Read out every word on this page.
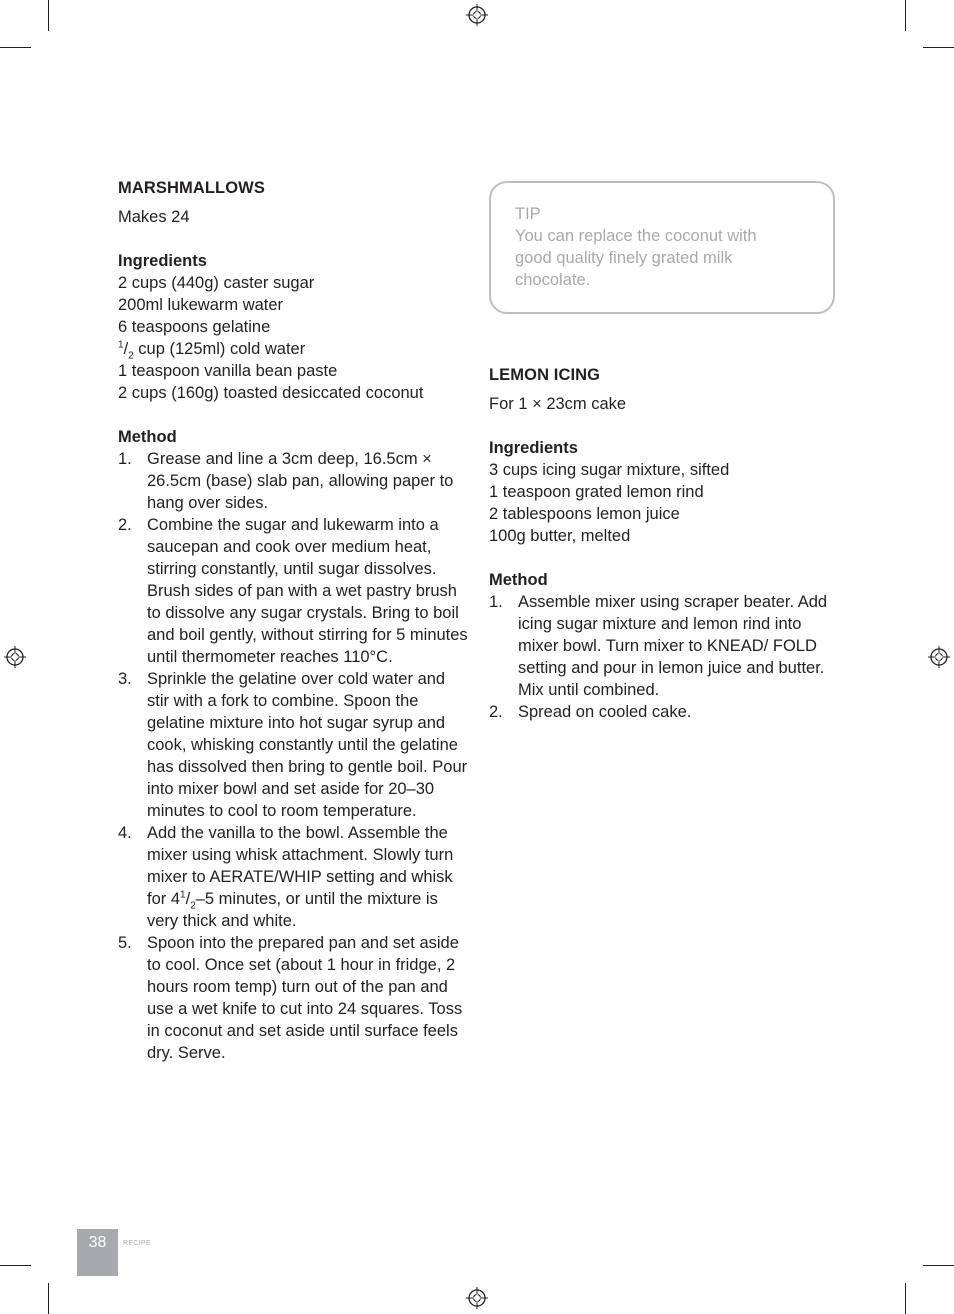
MARSHMALLOWS

Makes 24

Ingredients

2 cups (440g) caster sugar

200ml lukewarm water

6 teaspoons gelatine

$^1/_2$ cup (125ml) cold water

1 teaspoon vanilla bean paste

2 cups (160g) toasted desiccated coconut

Method

1. Grease and line a 3cm deep, 16.5cm × 26.5cm (base) slab pan, allowing paper to hang over sides.
2. Combine the sugar and lukewarm into a saucepan and cook over medium heat, stirring constantly, until sugar dissolves. Brush sides of pan with a wet pastry brush to dissolve any sugar crystals. Bring to boil and boil gently, without stirring for 5 minutes until thermometer reaches 110°C.
3. Sprinkle the gelatine over cold water and stir with a fork to combine. Spoon the gelatine mixture into hot sugar syrup and cook, whisking constantly until the gelatine has dissolved then bring to gentle boil. Pour into mixer bowl and set aside for 20–30 minutes to cool to room temperature.
4. Add the vanilla to the bowl. Assemble the mixer using whisk attachment. Slowly turn mixer to AERATE/WHIP setting and whisk for $4^1/_2-5$ minutes, or until the mixture is very thick and white.
5. Spoon into the prepared pan and set aside to cool. Once set (about 1 hour in fridge, 2 hours room temp) turn out of the pan and use a wet knife to cut into 24 squares. Toss in coconut and set aside until surface feels dry. Serve.

TIP

You can replace the coconut with good quality finely grated milk chocolate.

LEMON ICING

For 1 × 23cm cake

Ingredients

3 cups icing sugar mixture, sifted

1 teaspoon grated lemon rind

2 tablespoons lemon juice

100g butter, melted

Method

1. Assemble mixer using scraper beater. Add icing sugar mixture and lemon rind into mixer bowl. Turn mixer to KNEAD/ FOLD setting and pour in lemon juice and butter. Mix until combined.
2. Spread on cooled cake.
38	RECIPE
